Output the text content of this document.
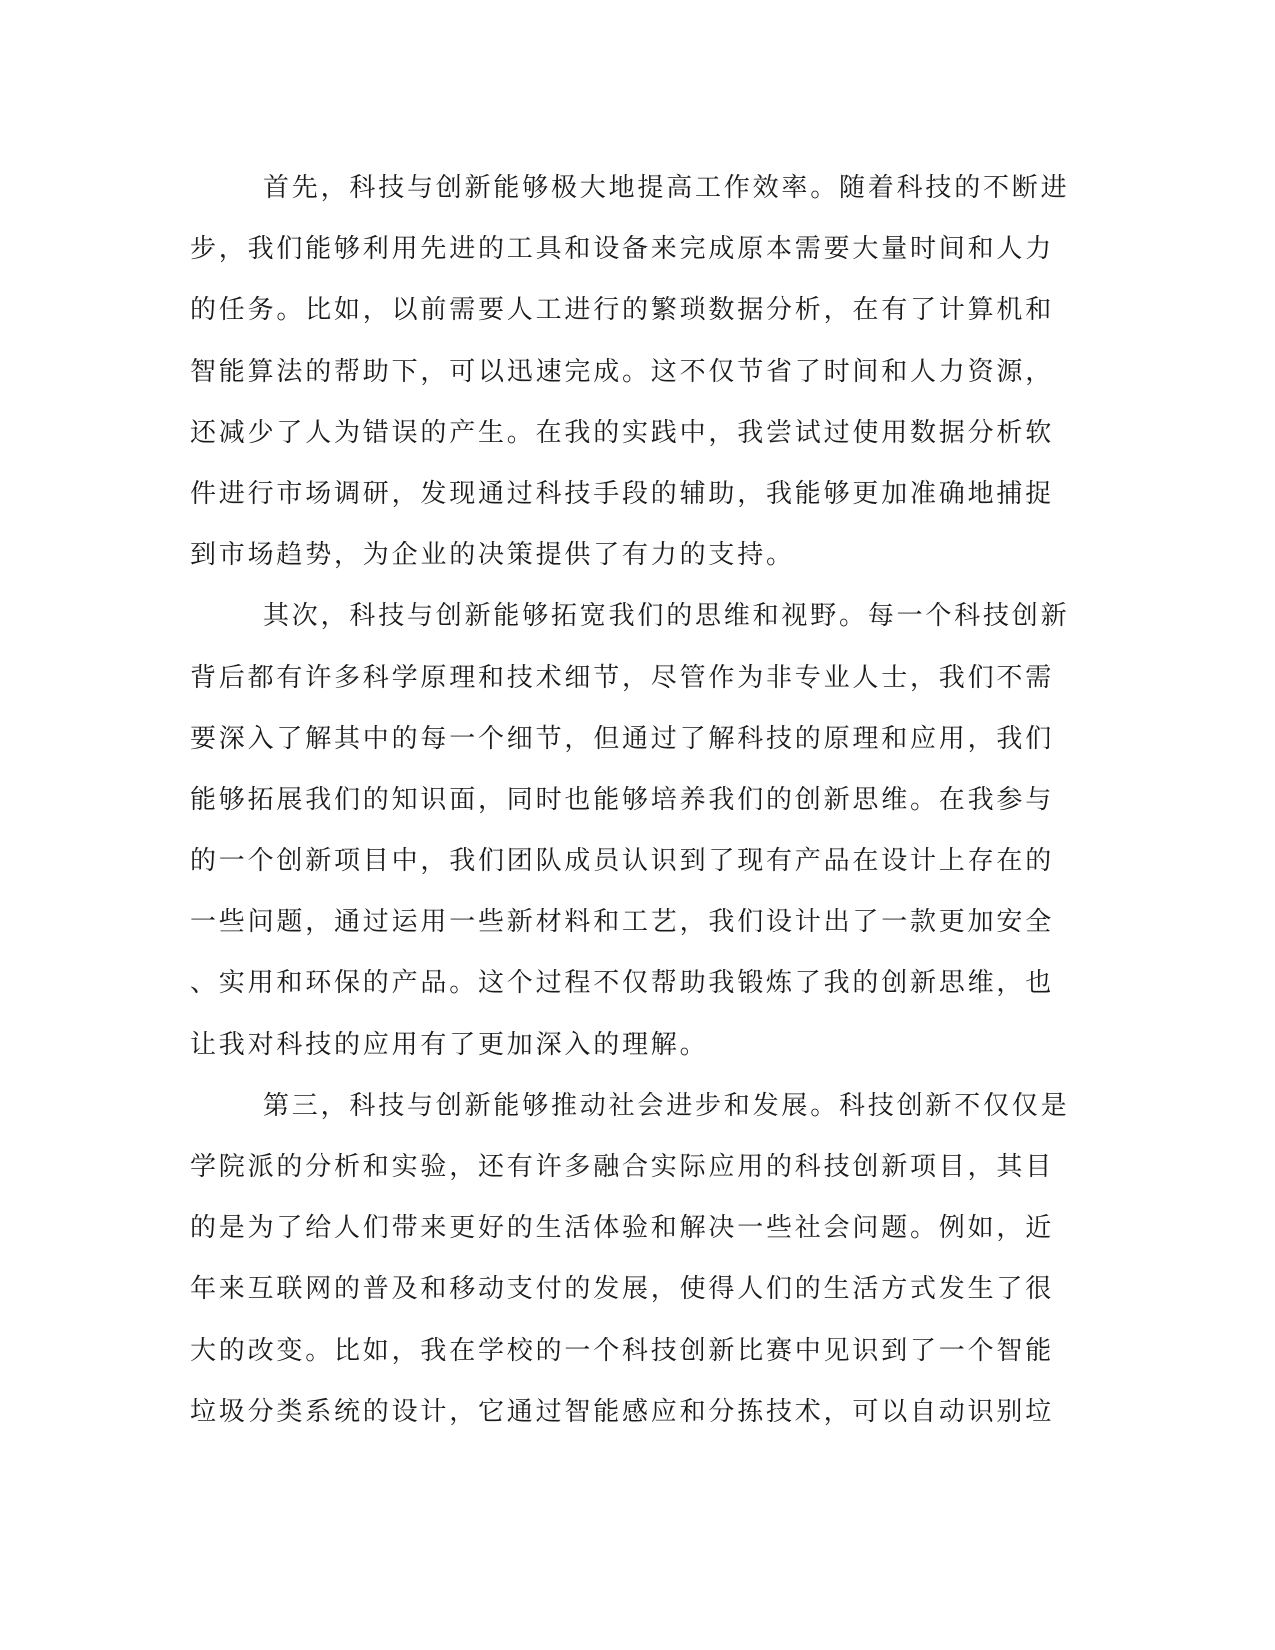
首先，科技与创新能够极大地提高工作效率。随着科技的不断进
步，我们能够利用先进的工具和设备来完成原本需要大量时间和人力
的任务。比如，以前需要人工进行的繁琐数据分析，在有了计算机和
智能算法的帮助下，可以迅速完成。这不仅节省了时间和人力资源，
还减少了人为错误的产生。在我的实践中，我尝试过使用数据分析软
件进行市场调研，发现通过科技手段的辅助，我能够更加准确地捕捉
到市场趋势，为企业的决策提供了有力的支持。
其次，科技与创新能够拓宽我们的思维和视野。每一个科技创新
背后都有许多科学原理和技术细节，尽管作为非专业人士，我们不需
要深入了解其中的每一个细节，但通过了解科技的原理和应用，我们
能够拓展我们的知识面，同时也能够培养我们的创新思维。在我参与
的一个创新项目中，我们团队成员认识到了现有产品在设计上存在的
一些问题，通过运用一些新材料和工艺，我们设计出了一款更加安全
、实用和环保的产品。这个过程不仅帮助我锻炼了我的创新思维，也
让我对科技的应用有了更加深入的理解。
第三，科技与创新能够推动社会进步和发展。科技创新不仅仅是
学院派的分析和实验，还有许多融合实际应用的科技创新项目，其目
的是为了给人们带来更好的生活体验和解决一些社会问题。例如，近
年来互联网的普及和移动支付的发展，使得人们的生活方式发生了很
大的改变。比如，我在学校的一个科技创新比赛中见识到了一个智能
垃圾分类系统的设计，它通过智能感应和分拣技术，可以自动识别垃
